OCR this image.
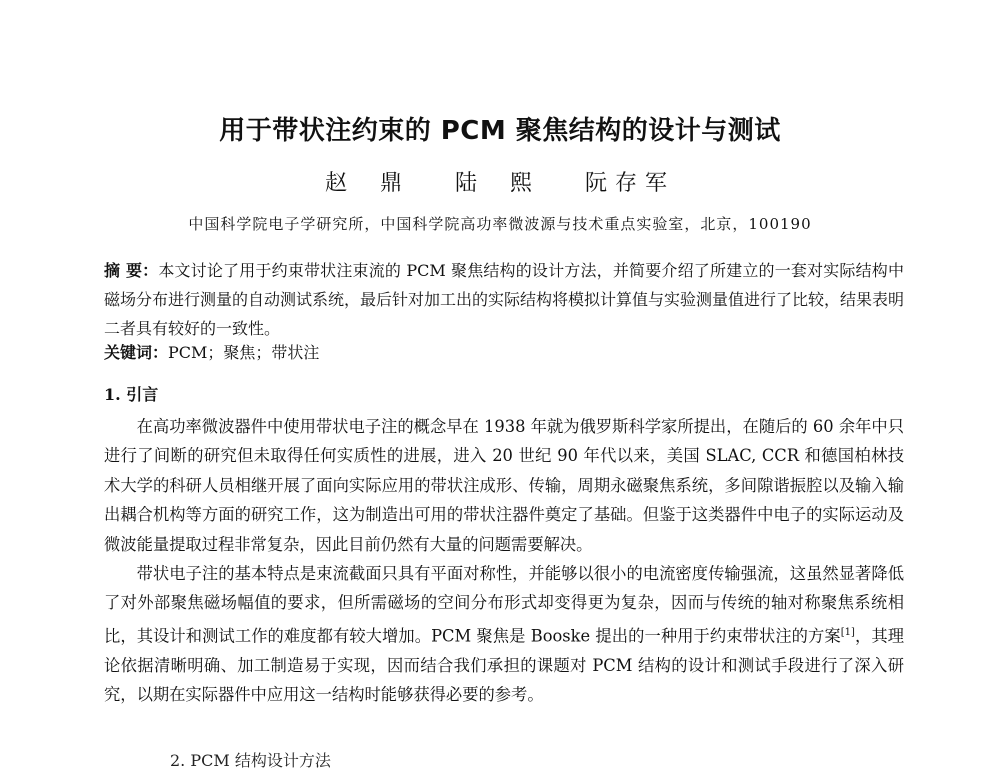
用于带状注约束的 PCM 聚焦结构的设计与测试
赵 鼎 陆 熙 阮存军
中国科学院电子学研究所，中国科学院高功率微波源与技术重点实验室，北京，100190
摘 要：本文讨论了用于约束带状注束流的 PCM 聚焦结构的设计方法，并简要介绍了所建立的一套对实际结构中磁场分布进行测量的自动测试系统，最后针对加工出的实际结构将模拟计算值与实验测量值进行了比较，结果表明二者具有较好的一致性。
关键词：PCM；聚焦；带状注
1. 引言

在高功率微波器件中使用带状电子注的概念早在 1938 年就为俄罗斯科学家所提出，在随后的 60 余年中只进行了间断的研究但未取得任何实质性的进展，进入 20 世纪 90 年代以来，美国 SLAC, CCR 和德国柏林技术大学的科研人员相继开展了面向实际应用的带状注成形、传输，周期永磁聚焦系统，多间隙谐振腔以及输入输出耦合机构等方面的研究工作，这为制造出可用的带状注器件奠定了基础。但鉴于这类器件中电子的实际运动及微波能量提取过程非常复杂，因此目前仍然有大量的问题需要解决。

带状电子注的基本特点是束流截面只具有平面对称性，并能够以很小的电流密度传输强流，这虽然显著降低了对外部聚焦磁场幅值的要求，但所需磁场的空间分布形式却变得更为复杂，因而与传统的轴对称聚焦系统相比，其设计和测试工作的难度都有较大增加。PCM 聚焦是 Booske 提出的一种用于约束带状注的方案[1]，其理论依据清晰明确、加工制造易于实现，因而结合我们承担的课题对 PCM 结构的设计和测试手段进行了深入研究，以期在实际器件中应用这一结构时能够获得必要的参考。

2. PCM 结构设计方法
